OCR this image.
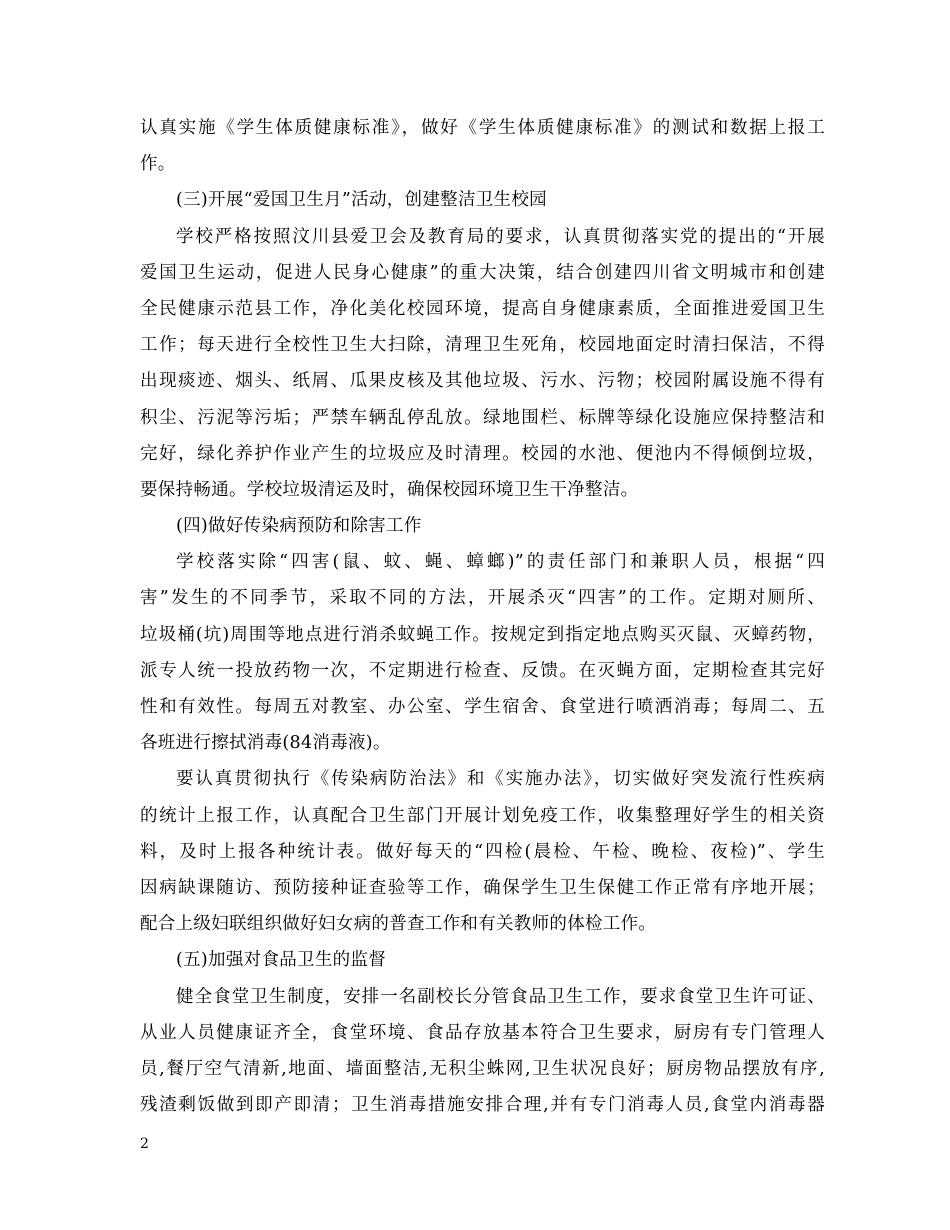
认真实施《学生体质健康标准》，做好《学生体质健康标准》的测试和数据上报工
作。
(三)开展“爱国卫生月”活动，创建整洁卫生校园
学校严格按照汶川县爱卫会及教育局的要求，认真贯彻落实党的提出的“开展
爱国卫生运动，促进人民身心健康”的重大决策，结合创建四川省文明城市和创建
全民健康示范县工作，净化美化校园环境，提高自身健康素质，全面推进爱国卫生
工作；每天进行全校性卫生大扫除，清理卫生死角，校园地面定时清扫保洁，不得
出现痰迹、烟头、纸屑、瓜果皮核及其他垃圾、污水、污物；校园附属设施不得有
积尘、污泥等污垢；严禁车辆乱停乱放。绿地围栏、标牌等绿化设施应保持整洁和
完好，绿化养护作业产生的垃圾应及时清理。校园的水池、便池内不得倾倒垃圾，
要保持畅通。学校垃圾清运及时，确保校园环境卫生干净整洁。
(四)做好传染病预防和除害工作
学校落实除“四害(鼠、蚊、蝇、蟑螂)”的责任部门和兼职人员，根据“四
害”发生的不同季节，采取不同的方法，开展杀灭“四害”的工作。定期对厕所、
垃圾桶(坑)周围等地点进行消杀蚊蝇工作。按规定到指定地点购买灭鼠、灭蟑药物，
派专人统一投放药物一次，不定期进行检查、反馈。在灭蝇方面，定期检查其完好
性和有效性。每周五对教室、办公室、学生宿舍、食堂进行喷洒消毒；每周二、五
各班进行擦拭消毒(84消毒液)。
要认真贯彻执行《传染病防治法》和《实施办法》，切实做好突发流行性疾病
的统计上报工作，认真配合卫生部门开展计划免疫工作，收集整理好学生的相关资
料，及时上报各种统计表。做好每天的“四检(晨检、午检、晚检、夜检)”、学生
因病缺课随访、预防接种证查验等工作，确保学生卫生保健工作正常有序地开展；
配合上级妇联组织做好妇女病的普查工作和有关教师的体检工作。
(五)加强对食品卫生的监督
健全食堂卫生制度，安排一名副校长分管食品卫生工作，要求食堂卫生许可证、
从业人员健康证齐全，食堂环境、食品存放基本符合卫生要求，厨房有专门管理人
员,餐厅空气清新,地面、墙面整洁,无积尘蛛网,卫生状况良好；厨房物品摆放有序,
残渣剩饭做到即产即清；卫生消毒措施安排合理,并有专门消毒人员,食堂内消毒器
2
